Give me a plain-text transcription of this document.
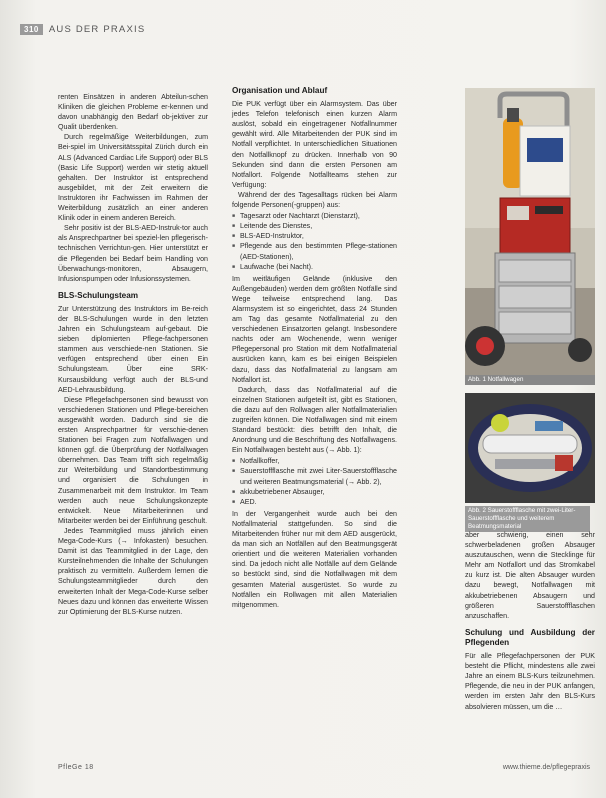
310	AUS DER PRAXIS

renten Einsätzen in anderen Abteilun-schen Kliniken die gleichen Probleme er-kennen und davon unabhängig den Bedarf ob-jektiver zur Qualit überdenken.

Durch regelmäßige Weiterbildungen, zum Bei-spiel im Universitätsspital Zürich durch ein ALS (Advanced Cardiac Life Support) oder BLS (Basic Life Support) werden wir stetig aktuell gehalten. Der Instruktor ist entsprechend ausgebildet, mit der Zeit erweitern die Instruktoren ihr Fachwissen im Rahmen der Weiterbildung zusätzlich an einer anderen Klinik oder in einem anderen Bereich.

Sehr positiv ist der BLS-AED-Instruk-tor auch als Ansprechpartner bei speziel-len pflegerisch-technischen Verrichtun-gen. Hier unterstützt er die Pflegenden bei Bedarf beim Handling von Überwachungs-monitoren, Absaugern, Infusionspumpen oder Infusionssystemen.

BLS-Schulungsteam

Zur Unterstützung des Instruktors im Be-reich der BLS-Schulungen wurde in den letzten Jahren ein Schulungsteam auf-gebaut. Die sieben diplomierten Pflege-fachpersonen stammen aus verschiede-nen Stationen. Sie verfügen entsprechend über einen Ein Schulungsteam. Über eine SRK-Kursausbildung verfügt auch der BLS-und AED-Lehrausbildung.

Diese Pflegefachpersonen sind bewusst von verschiedenen Stationen und Pflege-bereichen ausgewählt worden. Dadurch sind sie die ersten Ansprechpartner für verschie-denen Stationen bei Fragen zum Notfallwagen und können ggf. die Überprüfung der Notfallwagen übernehmen. Das Team trifft sich regelmäßig zur Weiterbildung und Standortbestimmung und organisiert die Schulungen in Zusammenarbeit mit dem Instruktor. Im Team werden auch neue Schulungskonzepte entwickelt. Neue Mitarbeiterinnen und Mitarbeiter werden bei der Einführung geschult.

Jedes Teammitglied muss jährlich einen Mega-Code-Kurs (→ Infokasten) besuchen. Damit ist das Teammitglied in der Lage, den Kursteilnehmenden die Inhalte der Schulungen praktisch zu vermitteln. Außerdem lernen die Schulungsteammitglieder durch den erweiterten Inhalt der Mega-Code-Kurse selber Neues dazu und können das erweiterte Wissen zur Optimierung der BLS-Kurse nutzen.

Organisation und Ablauf

Die PUK verfügt über ein Alarmsystem. Das über jedes Telefon telefonisch einen kurzen Alarm auslöst, sobald ein eingetragener Notfallnummer gewählt wird. Alle Mitarbeitenden der PUK sind im Notfall verpflichtet. In unterschiedlichen Situationen den Notfallknopf zu drücken. Innerhalb von 90 Sekunden sind dann die ersten Personen am Notfallort. Folgende Notfallteams stehen zur Verfügung:

Während der des Tagesalltags rücken bei Alarm folgende Personen(-gruppen) aus:

■ Tagesarzt oder Nachtarzt (Dienstarzt),
■ Leitende des Dienstes,
■ BLS-AED-Instruktor,
■ Pflegende aus den bestimmten Pflege-stationen (AED-Stationen),
■ Laufwache (bei Nacht).

Im weitläufigen Gelände (inklusive den Außengebäuden) werden dem größten Notfälle sind Wege teilweise entsprechend lang. Das Alarmsystem ist so eingerichtet, dass 24 Stunden am Tag das gesamte Notfallmaterial zu den verschiedenen Einsatzorten gelangt. Insbesondere nachts oder am Wochenende, wenn weniger Pflegepersonal pro Station mit dem Notfallmaterial ausrücken kann, kam es bei einigen Beispielen dazu, dass das Notfallmaterial zu langsam am Notfallort ist.

Dadurch, dass das Notfallmaterial auf die einzelnen Stationen aufgeteilt ist, gibt es Stationen, die dazu auf den Rollwagen aller Notfallmaterialien zugreifen können. Die Notfallwagen sind mit einem Standard bestückt: dies betrifft den Inhalt, die Anordnung und die Beschriftung des Notfallwagens. Ein Notfallwagen besteht aus (→ Abb. 1):

■ Notfallkoffer,
■ Sauerstoffflasche mit zwei Liter-Sauerstoffflasche und weiteren Beatmungsmaterial (→ Abb. 2),
■ akkubetriebener Absauger,
■ AED.

In der Vergangenheit wurde auch bei den Notfallmaterial stattgefunden. So sind die Mitarbeitenden früher nur mit dem AED ausgerückt, da man sich an Notfällen auf den Beatmungsgerät orientiert und die weiteren Materialien vorhanden sind. Da jedoch nicht alle Notfälle auf dem Gelände so bestückt sind, sind die Notfallwagen mit dem gesamten Material ausgerüstet. So wurde zu Notfällen ein Rollwagen mit allen Materialien mitgenommen.

Abb. 1 Notfallwagen
Abb. 2 Sauerstoffflasche mit zwei-Liter-Sauerstoffflasche und weiterem Beatmungsmaterial

aber schwierig, einen sehr schwerbeladenen großen Absauger auszutauschen, wenn die Stecklinge für Mehr am Notfallort und das Stromkabel zu kurz ist. Die alten Absauger wurden dazu bewegt, Notfallwagen mit akkubetriebenen Absaugern und größeren Sauerstoffflaschen anzuschaffen.

Schulung und Ausbildung der Pflegenden

Für alle Pflegefachpersonen der PUK besteht die Pflicht, mindestens alle zwei Jahre an einem BLS-Kurs teilzunehmen. Pflegende, die neu in der PUK anfangen, werden im ersten Jahr den BLS-Kurs absolvieren müssen, um die …

PfleGe 18	www.thieme.de/pflegepraxis
